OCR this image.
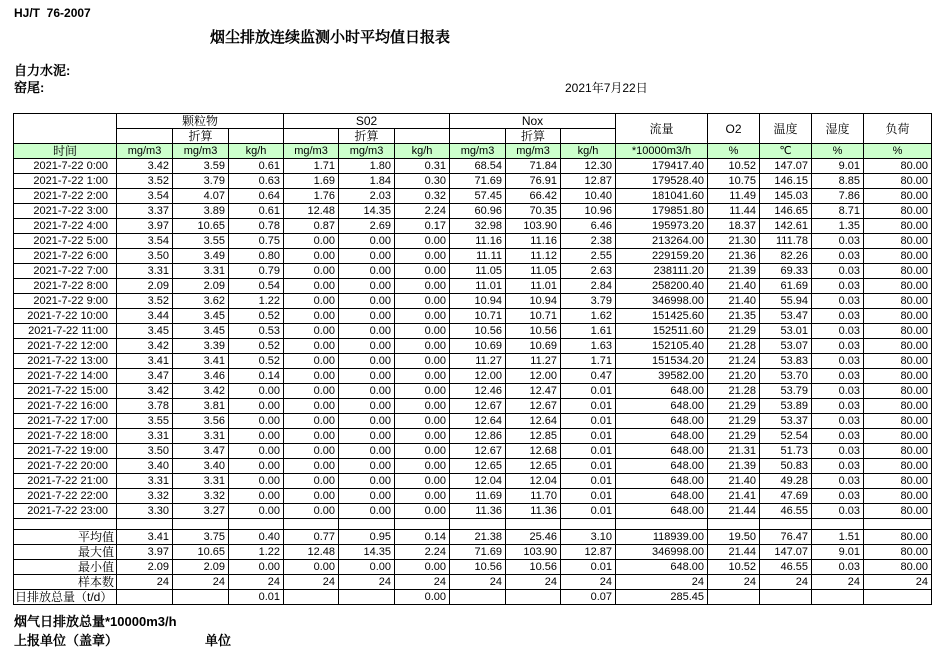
HJ/T  76-2007
烟尘排放连续监测小时平均值日报表
自力水泥:
窑尾:	2021年7月22日
	颗粒物			S02			Nox			流量	O2	温度	湿度	负荷
		折算			折算			折算						
时间	mg/m3	mg/m3	kg/h	mg/m3	mg/m3	kg/h	mg/m3	mg/m3	kg/h	*10000m3/h	%	℃	%	%
2021-7-22 0:00	3.42	3.59	0.61	1.71	1.80	0.31	68.54	71.84	12.30	179417.40	10.52	147.07	9.01	80.00
2021-7-22 1:00	3.52	3.79	0.63	1.69	1.84	0.30	71.69	76.91	12.87	179528.40	10.75	146.15	8.85	80.00
2021-7-22 2:00	3.54	4.07	0.64	1.76	2.03	0.32	57.45	66.42	10.40	181041.60	11.49	145.03	7.86	80.00
2021-7-22 3:00	3.37	3.89	0.61	12.48	14.35	2.24	60.96	70.35	10.96	179851.80	11.44	146.65	8.71	80.00
2021-7-22 4:00	3.97	10.65	0.78	0.87	2.69	0.17	32.98	103.90	6.46	195973.20	18.37	142.61	1.35	80.00
2021-7-22 5:00	3.54	3.55	0.75	0.00	0.00	0.00	11.16	11.16	2.38	213264.00	21.30	111.78	0.03	80.00
2021-7-22 6:00	3.50	3.49	0.80	0.00	0.00	0.00	11.11	11.12	2.55	229159.20	21.36	82.26	0.03	80.00
2021-7-22 7:00	3.31	3.31	0.79	0.00	0.00	0.00	11.05	11.05	2.63	238111.20	21.39	69.33	0.03	80.00
2021-7-22 8:00	2.09	2.09	0.54	0.00	0.00	0.00	11.01	11.01	2.84	258200.40	21.40	61.69	0.03	80.00
2021-7-22 9:00	3.52	3.62	1.22	0.00	0.00	0.00	10.94	10.94	3.79	346998.00	21.40	55.94	0.03	80.00
2021-7-22 10:00	3.44	3.45	0.52	0.00	0.00	0.00	10.71	10.71	1.62	151425.60	21.35	53.47	0.03	80.00
2021-7-22 11:00	3.45	3.45	0.53	0.00	0.00	0.00	10.56	10.56	1.61	152511.60	21.29	53.01	0.03	80.00
2021-7-22 12:00	3.42	3.39	0.52	0.00	0.00	0.00	10.69	10.69	1.63	152105.40	21.28	53.07	0.03	80.00
2021-7-22 13:00	3.41	3.41	0.52	0.00	0.00	0.00	11.27	11.27	1.71	151534.20	21.24	53.83	0.03	80.00
2021-7-22 14:00	3.47	3.46	0.14	0.00	0.00	0.00	12.00	12.00	0.47	39582.00	21.20	53.70	0.03	80.00
2021-7-22 15:00	3.42	3.42	0.00	0.00	0.00	0.00	12.46	12.47	0.01	648.00	21.28	53.79	0.03	80.00
2021-7-22 16:00	3.78	3.81	0.00	0.00	0.00	0.00	12.67	12.67	0.01	648.00	21.29	53.89	0.03	80.00
2021-7-22 17:00	3.55	3.56	0.00	0.00	0.00	0.00	12.64	12.64	0.01	648.00	21.29	53.37	0.03	80.00
2021-7-22 18:00	3.31	3.31	0.00	0.00	0.00	0.00	12.86	12.85	0.01	648.00	21.29	52.54	0.03	80.00
2021-7-22 19:00	3.50	3.47	0.00	0.00	0.00	0.00	12.67	12.68	0.01	648.00	21.31	51.73	0.03	80.00
2021-7-22 20:00	3.40	3.40	0.00	0.00	0.00	0.00	12.65	12.65	0.01	648.00	21.39	50.83	0.03	80.00
2021-7-22 21:00	3.31	3.31	0.00	0.00	0.00	0.00	12.04	12.04	0.01	648.00	21.40	49.28	0.03	80.00
2021-7-22 22:00	3.32	3.32	0.00	0.00	0.00	0.00	11.69	11.70	0.01	648.00	21.41	47.69	0.03	80.00
2021-7-22 23:00	3.30	3.27	0.00	0.00	0.00	0.00	11.36	11.36	0.01	648.00	21.44	46.55	0.03	80.00

平均值	3.41	3.75	0.40	0.77	0.95	0.14	21.38	25.46	3.10	118939.00	19.50	76.47	1.51	80.00
最大值	3.97	10.65	1.22	12.48	14.35	2.24	71.69	103.90	12.87	346998.00	21.44	147.07	9.01	80.00
最小值	2.09	2.09	0.00	0.00	0.00	0.00	10.56	10.56	0.01	648.00	10.52	46.55	0.03	80.00
样本数	24	24	24	24	24	24	24	24	24	24	24	24	24	24
日排放总量（t/d）			0.01			0.00			0.07	285.45				
烟气日排放总量*10000m3/h
上报单位（盖章）	单位
